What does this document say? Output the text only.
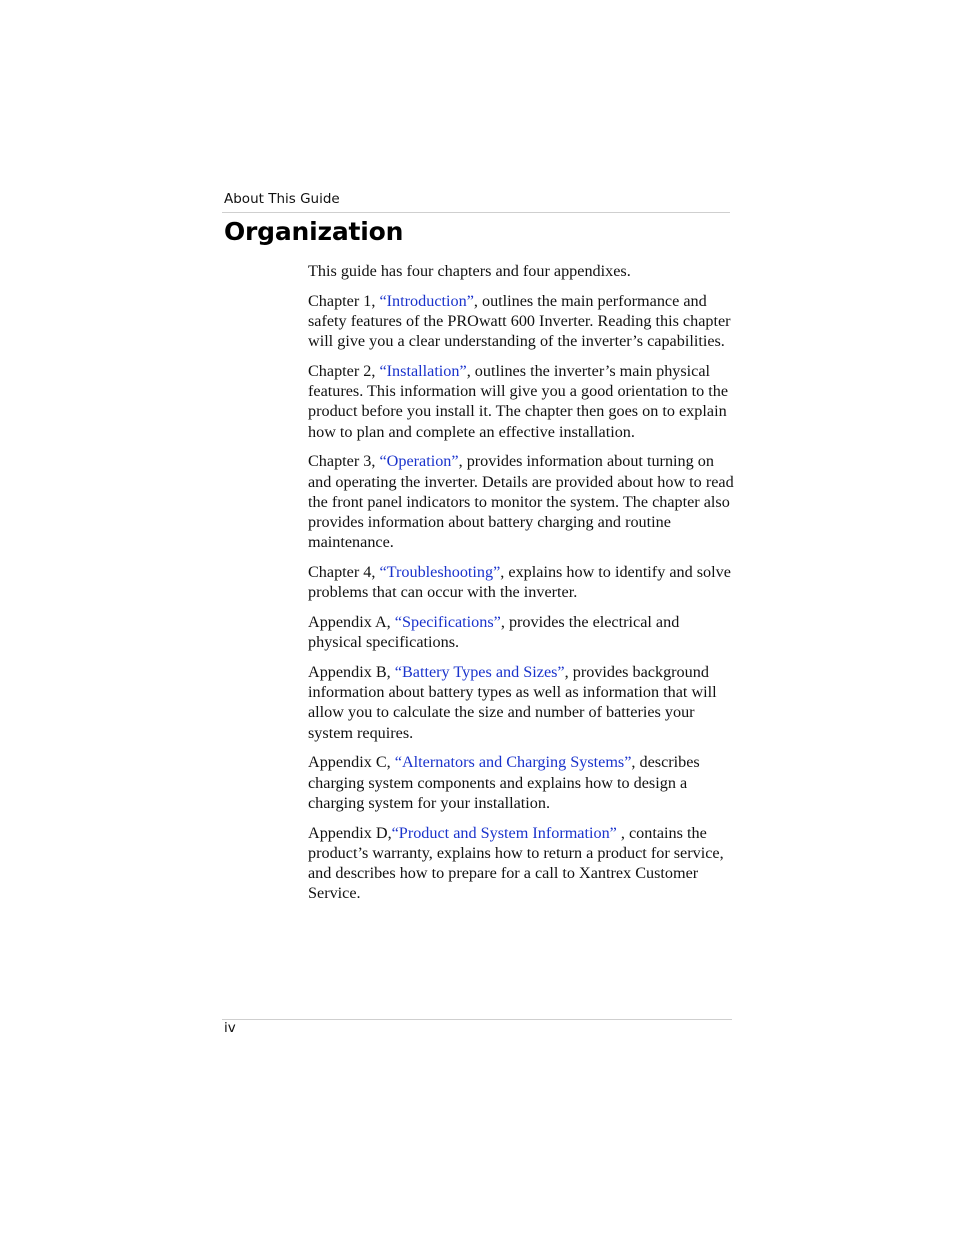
About This Guide

Organization

This guide has four chapters and four appendixes.

Chapter 1, “Introduction”, outlines the main performance and safety features of the PROwatt 600 Inverter. Reading this chapter will give you a clear understanding of the inverter’s capabilities.

Chapter 2, “Installation”, outlines the inverter’s main physical features. This information will give you a good orientation to the product before you install it. The chapter then goes on to explain how to plan and complete an effective installation.

Chapter 3, “Operation”, provides information about turning on and operating the inverter. Details are provided about how to read the front panel indicators to monitor the system. The chapter also provides information about battery charging and routine maintenance.

Chapter 4, “Troubleshooting”, explains how to identify and solve problems that can occur with the inverter.

Appendix A, “Specifications”, provides the electrical and physical specifications.

Appendix B, “Battery Types and Sizes”, provides background information about battery types as well as information that will allow you to calculate the size and number of batteries your system requires.

Appendix C, “Alternators and Charging Systems”, describes charging system components and explains how to design a charging system for your installation.

Appendix D,“Product and System Information” , contains the product’s warranty, explains how to return a product for service, and describes how to prepare for a call to Xantrex Customer Service.

iv
